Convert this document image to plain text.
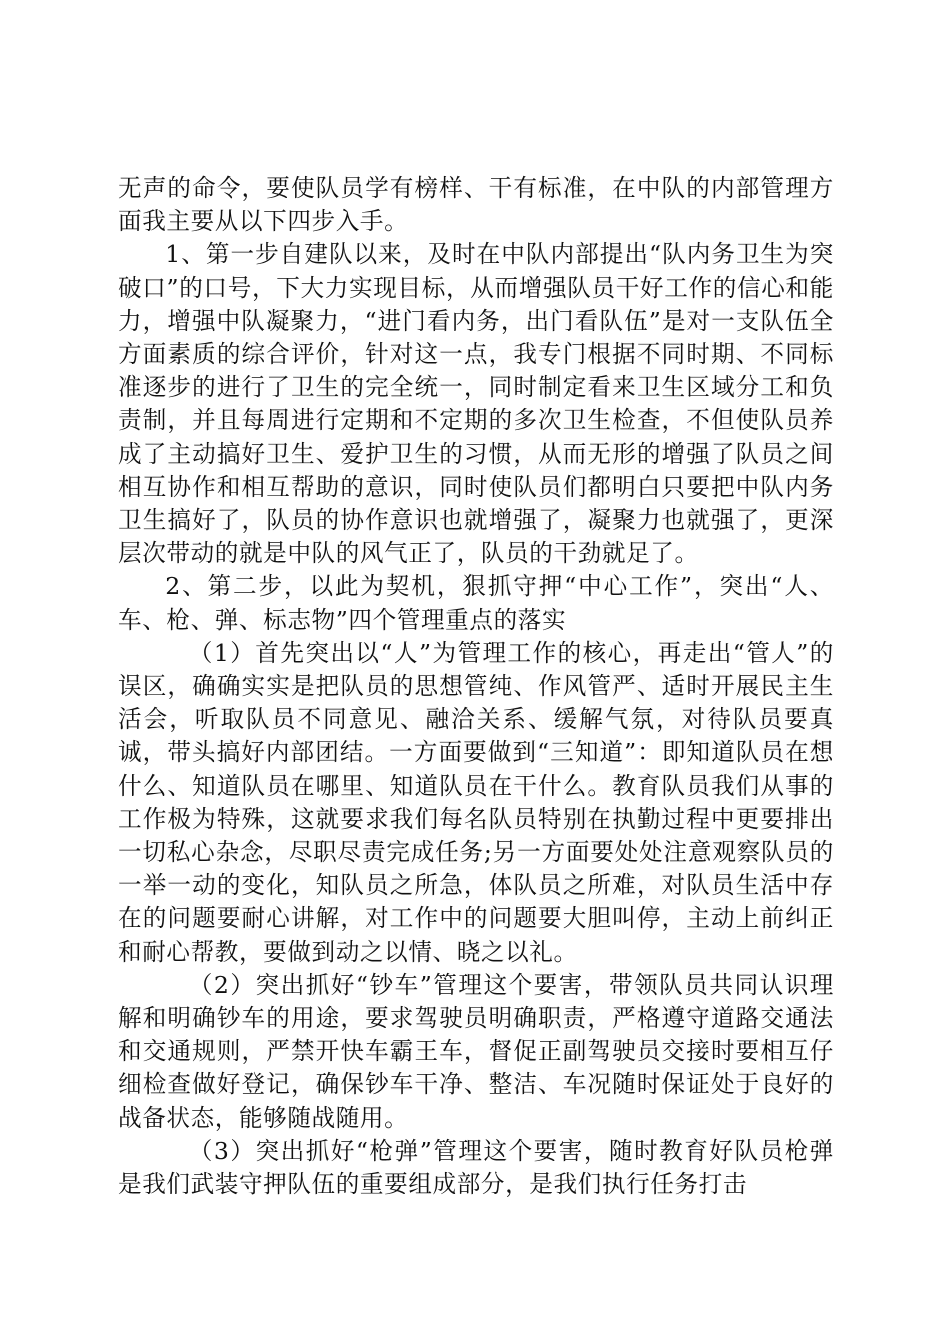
无声的命令，要使队员学有榜样、干有标准，在中队的内部管理方面我主要从以下四步入手。

1、第一步自建队以来，及时在中队内部提出“队内务卫生为突破口”的口号，下大力实现目标，从而增强队员干好工作的信心和能力，增强中队凝聚力，“进门看内务，出门看队伍”是对一支队伍全方面素质的综合评价，针对这一点，我专门根据不同时期、不同标准逐步的进行了卫生的完全统一，同时制定看来卫生区域分工和负责制，并且每周进行定期和不定期的多次卫生检查，不但使队员养成了主动搞好卫生、爱护卫生的习惯，从而无形的增强了队员之间相互协作和相互帮助的意识，同时使队员们都明白只要把中队内务卫生搞好了，队员的协作意识也就增强了，凝聚力也就强了，更深层次带动的就是中队的风气正了，队员的干劲就足了。

2、第二步，以此为契机，狠抓守押“中心工作”，突出“人、车、枪、弹、标志物”四个管理重点的落实

（1）首先突出以“人”为管理工作的核心，再走出“管人”的误区，确确实实是把队员的思想管纯、作风管严、适时开展民主生活会，听取队员不同意见、融洽关系、缓解气氛，对待队员要真诚，带头搞好内部团结。一方面要做到“三知道”：即知道队员在想什么、知道队员在哪里、知道队员在干什么。教育队员我们从事的工作极为特殊，这就要求我们每名队员特别在执勤过程中更要排出一切私心杂念，尽职尽责完成任务;另一方面要处处注意观察队员的一举一动的变化，知队员之所急，体队员之所难，对队员生活中存在的问题要耐心讲解，对工作中的问题要大胆叫停，主动上前纠正和耐心帮教，要做到动之以情、晓之以礼。

（2）突出抓好“钞车”管理这个要害，带领队员共同认识理解和明确钞车的用途，要求驾驶员明确职责，严格遵守道路交通法和交通规则，严禁开快车霸王车，督促正副驾驶员交接时要相互仔细检查做好登记，确保钞车干净、整洁、车况随时保证处于良好的战备状态，能够随战随用。

（3）突出抓好“枪弹”管理这个要害，随时教育好队员枪弹是我们武装守押队伍的重要组成部分，是我们执行任务打击
